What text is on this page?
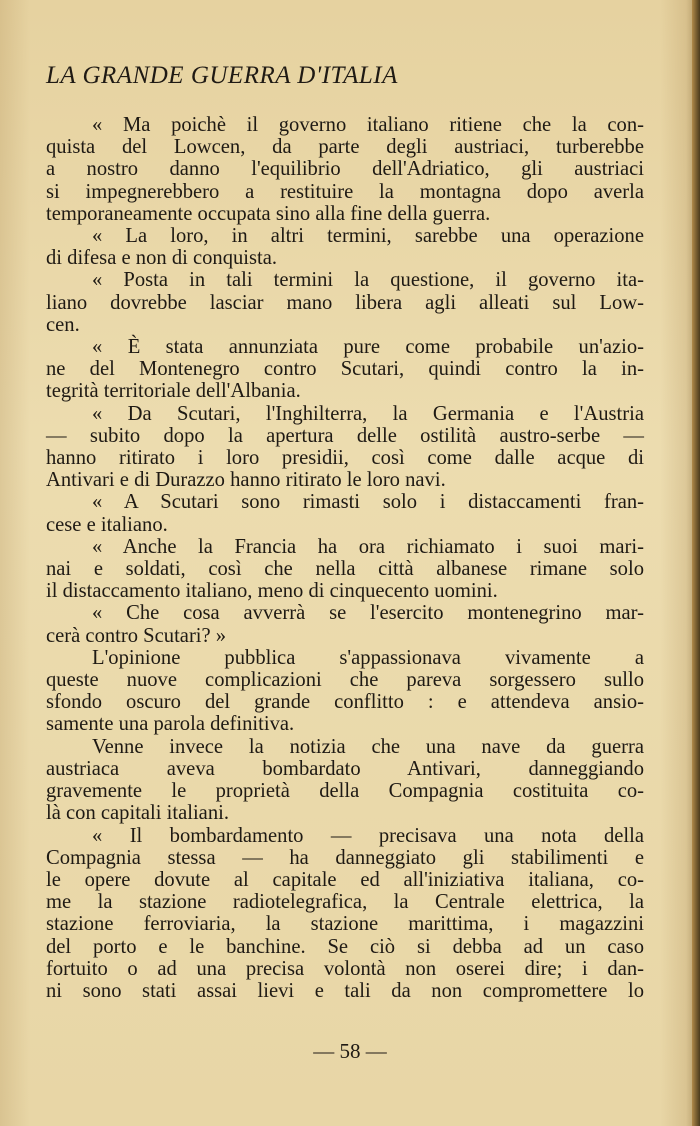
LA GRANDE GUERRA D'ITALIA
« Ma poichè il governo italiano ritiene che la con-
quista del Lowcen, da parte degli austriaci, turberebbe
a nostro danno l'equilibrio dell'Adriatico, gli austriaci
si impegnerebbero a restituire la montagna dopo averla
temporaneamente occupata sino alla fine della guerra.
« La loro, in altri termini, sarebbe una operazione
di difesa e non di conquista.
« Posta in tali termini la questione, il governo ita-
liano dovrebbe lasciar mano libera agli alleati sul Low-
cen.
« È stata annunziata pure come probabile un'azio-
ne del Montenegro contro Scutari, quindi contro la in-
tegrità territoriale dell'Albania.
« Da Scutari, l'Inghilterra, la Germania e l'Austria
— subito dopo la apertura delle ostilità austro-serbe —
hanno ritirato i loro presidii, così come dalle acque di
Antivari e di Durazzo hanno ritirato le loro navi.
« A Scutari sono rimasti solo i distaccamenti fran-
cese e italiano.
« Anche la Francia ha ora richiamato i suoi mari-
nai e soldati, così che nella città albanese rimane solo
il distaccamento italiano, meno di cinquecento uomini.
« Che cosa avverrà se l'esercito montenegrino mar-
cerà contro Scutari? »
L'opinione pubblica s'appassionava vivamente a
queste nuove complicazioni che pareva sorgessero sullo
sfondo oscuro del grande conflitto : e attendeva ansio-
samente una parola definitiva.
Venne invece la notizia che una nave da guerra
austriaca aveva bombardato Antivari, danneggiando
gravemente le proprietà della Compagnia costituita co-
là con capitali italiani.
« Il bombardamento — precisava una nota della
Compagnia stessa — ha danneggiato gli stabilimenti e
le opere dovute al capitale ed all'iniziativa italiana, co-
me la stazione radiotelegrafica, la Centrale elettrica, la
stazione ferroviaria, la stazione marittima, i magazzini
del porto e le banchine. Se ciò si debba ad un caso
fortuito o ad una precisa volontà non oserei dire; i dan-
ni sono stati assai lievi e tali da non compromettere lo
— 58 —
